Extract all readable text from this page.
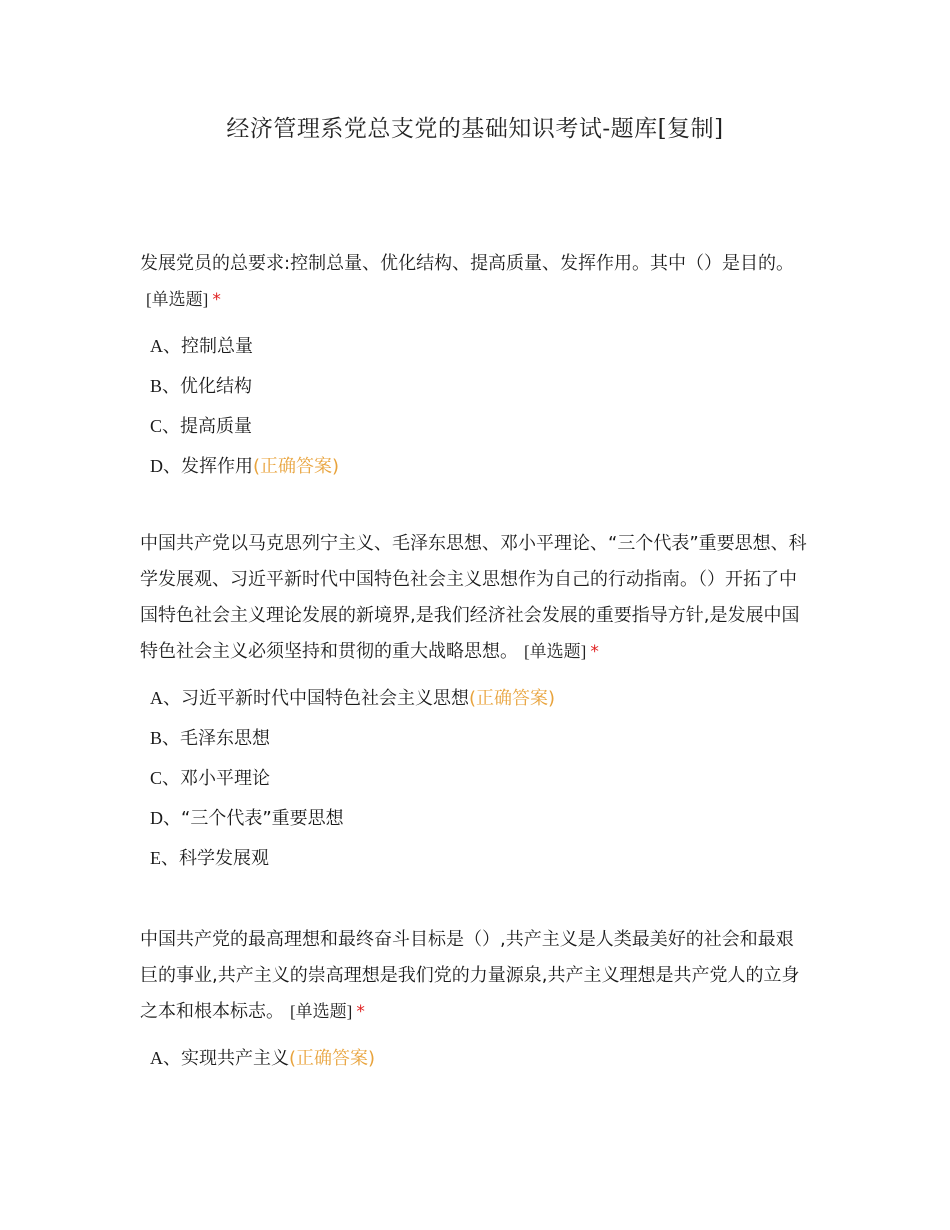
经济管理系党总支党的基础知识考试-题库[复制]

发展党员的总要求:控制总量、优化结构、提高质量、发挥作用。其中（）是目的。[单选题] *

A、控制总量
B、优化结构
C、提高质量
D、发挥作用(正确答案)

中国共产党以马克思列宁主义、毛泽东思想、邓小平理论、“三个代表”重要思想、科学发展观、习近平新时代中国特色社会主义思想作为自己的行动指南。（）开拓了中国特色社会主义理论发展的新境界,是我们经济社会发展的重要指导方针,是发展中国特色社会主义必须坚持和贯彻的重大战略思想。 [单选题] *

A、习近平新时代中国特色社会主义思想(正确答案)
B、毛泽东思想
C、邓小平理论
D、“三个代表”重要思想
E、科学发展观

中国共产党的最高理想和最终奋斗目标是（）,共产主义是人类最美好的社会和最艰巨的事业,共产主义的崇高理想是我们党的力量源泉,共产主义理想是共产党人的立身之本和根本标志。 [单选题] *

A、实现共产主义(正确答案)
